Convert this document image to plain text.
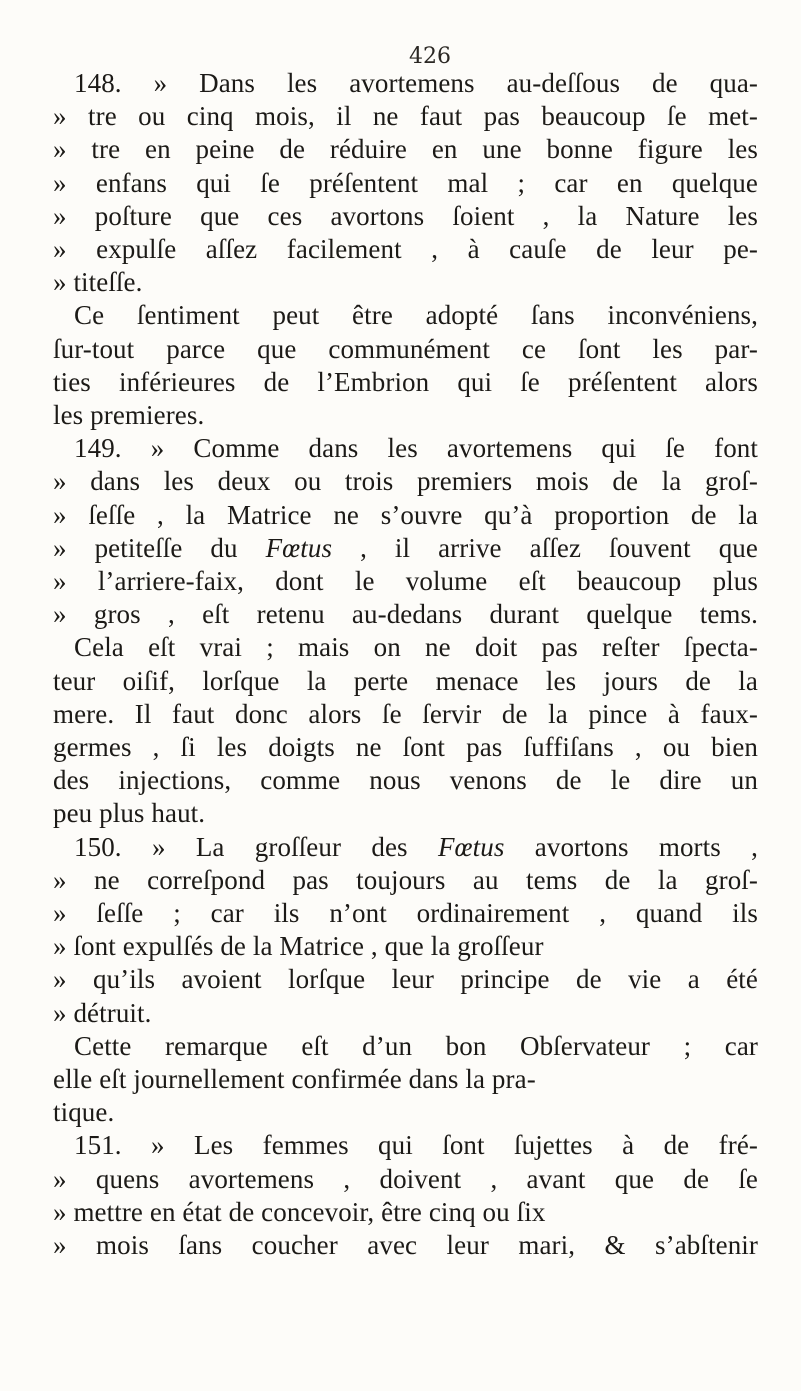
426
148. » Dans les avortemens au-deſſous de qua-
» tre ou cinq mois, il ne faut pas beaucoup ſe met-
» tre en peine de réduire en une bonne figure les
» enfans qui ſe préſentent mal ; car en quelque
» poſture que ces avortons ſoient , la Nature les
» expulſe aſſez facilement , à cauſe de leur pe-
» titeſſe.
Ce ſentiment peut être adopté ſans inconvéniens,
ſur-tout parce que communément ce ſont les par-
ties inférieures de l’Embrion qui ſe préſentent alors
les premieres.
149. » Comme dans les avortemens qui ſe font
» dans les deux ou trois premiers mois de la groſ-
» ſeſſe , la Matrice ne s’ouvre qu’à proportion de la
» petiteſſe du Fœtus , il arrive aſſez ſouvent que
» l’arriere-faix, dont le volume eſt beaucoup plus
» gros , eſt retenu au-dedans durant quelque tems.
Cela eſt vrai ; mais on ne doit pas reſter ſpecta-
teur oiſif, lorſque la perte menace les jours de la
mere. Il faut donc alors ſe ſervir de la pince à faux-
germes , ſi les doigts ne ſont pas ſuffiſans , ou bien
des injections, comme nous venons de le dire un
peu plus haut.
150. » La groſſeur des Fœtus avortons morts ,
» ne correſpond pas toujours au tems de la groſ-
» ſeſſe ; car ils n’ont ordinairement , quand ils
» ſont expulſés de la Matrice , que la groſſeur
» qu’ils avoient lorſque leur principe de vie a été
» détruit.
Cette remarque eſt d’un bon Obſervateur ; car
elle eſt journellement confirmée dans la pra-
tique.
151. » Les femmes qui ſont ſujettes à de fré-
» quens avortemens , doivent , avant que de ſe
» mettre en état de concevoir, être cinq ou ſix
» mois ſans coucher avec leur mari, & s’abſtenir
